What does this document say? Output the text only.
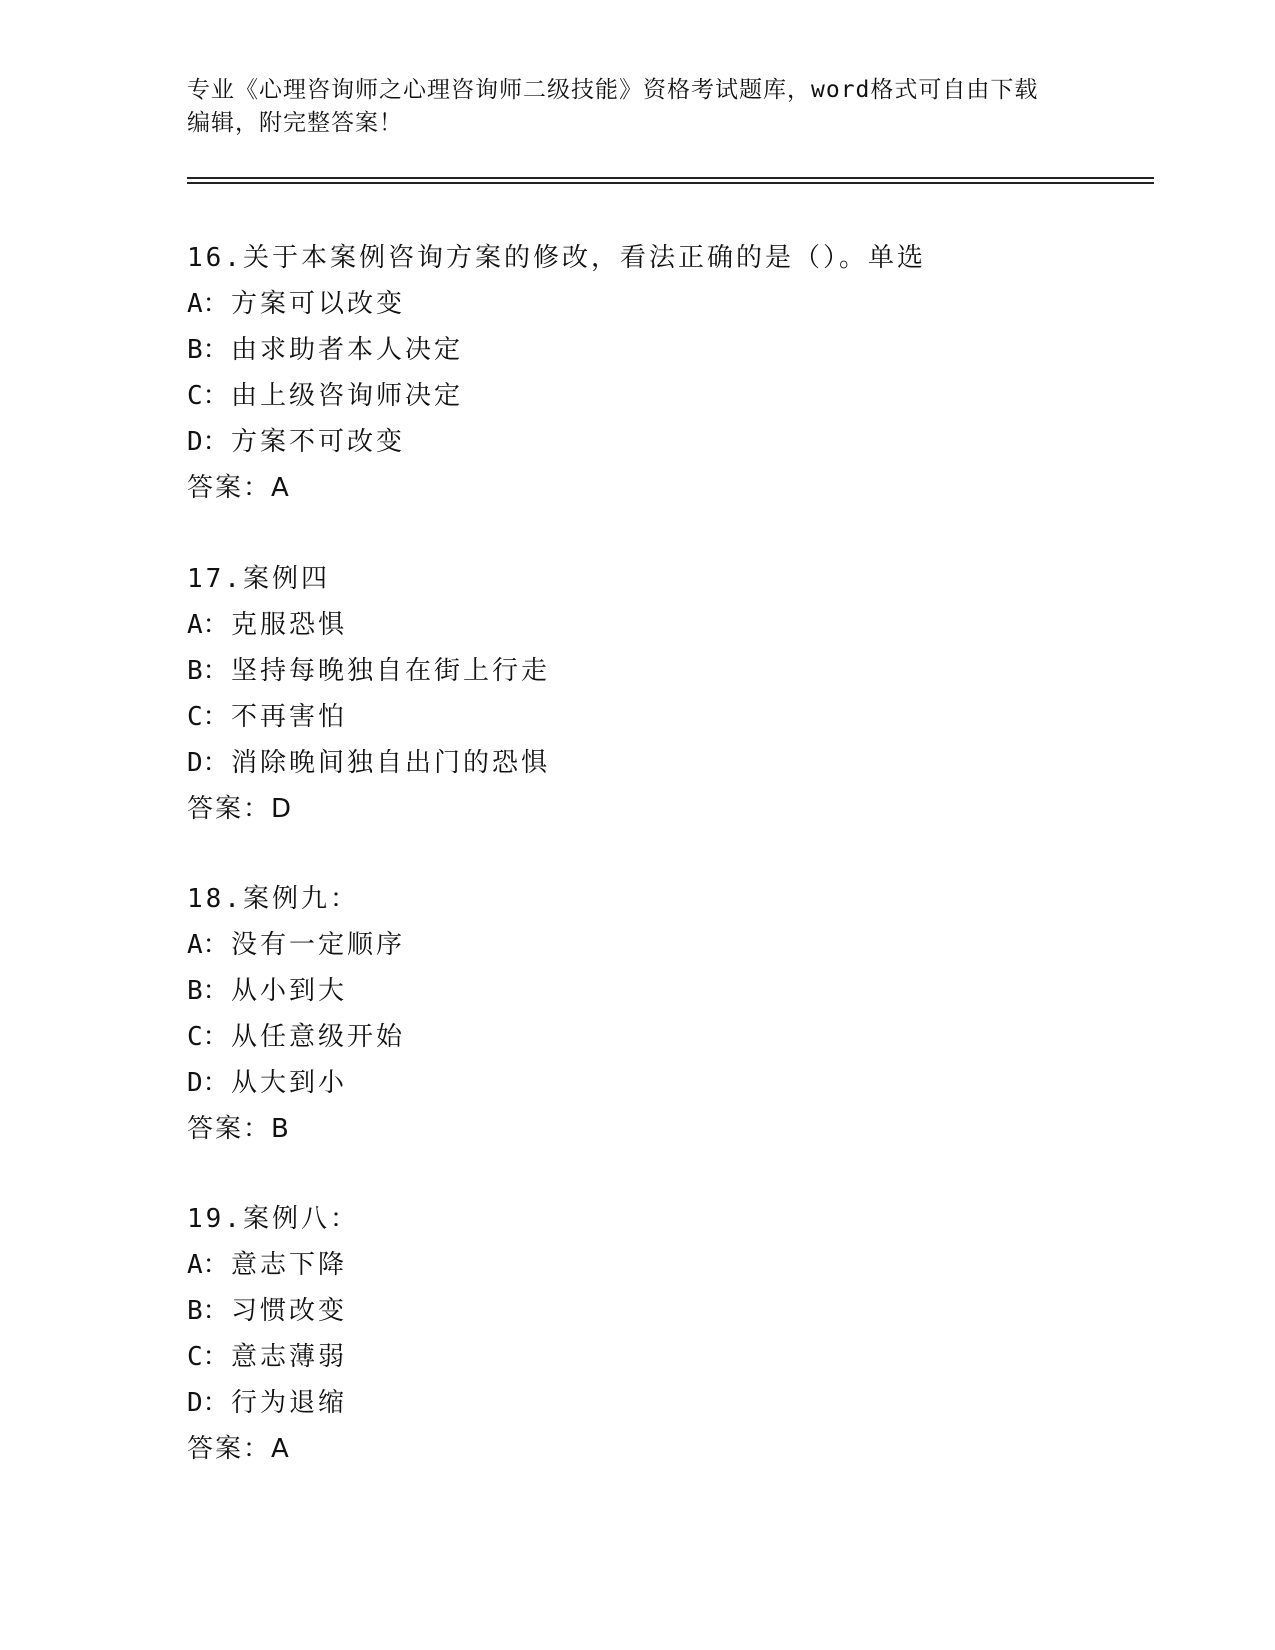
专业《心理咨询师之心理咨询师二级技能》资格考试题库，word格式可自由下载
编辑，附完整答案！
16.关于本案例咨询方案的修改，看法正确的是（）。单选
A：方案可以改变
B：由求助者本人决定
C：由上级咨询师决定
D：方案不可改变
答案：A
17.案例四
A：克服恐惧
B：坚持每晚独自在街上行走
C：不再害怕
D：消除晚间独自出门的恐惧
答案：D
18.案例九：
A：没有一定顺序
B：从小到大
C：从任意级开始
D：从大到小
答案：B
19.案例八：
A：意志下降
B：习惯改变
C：意志薄弱
D：行为退缩
答案：A
